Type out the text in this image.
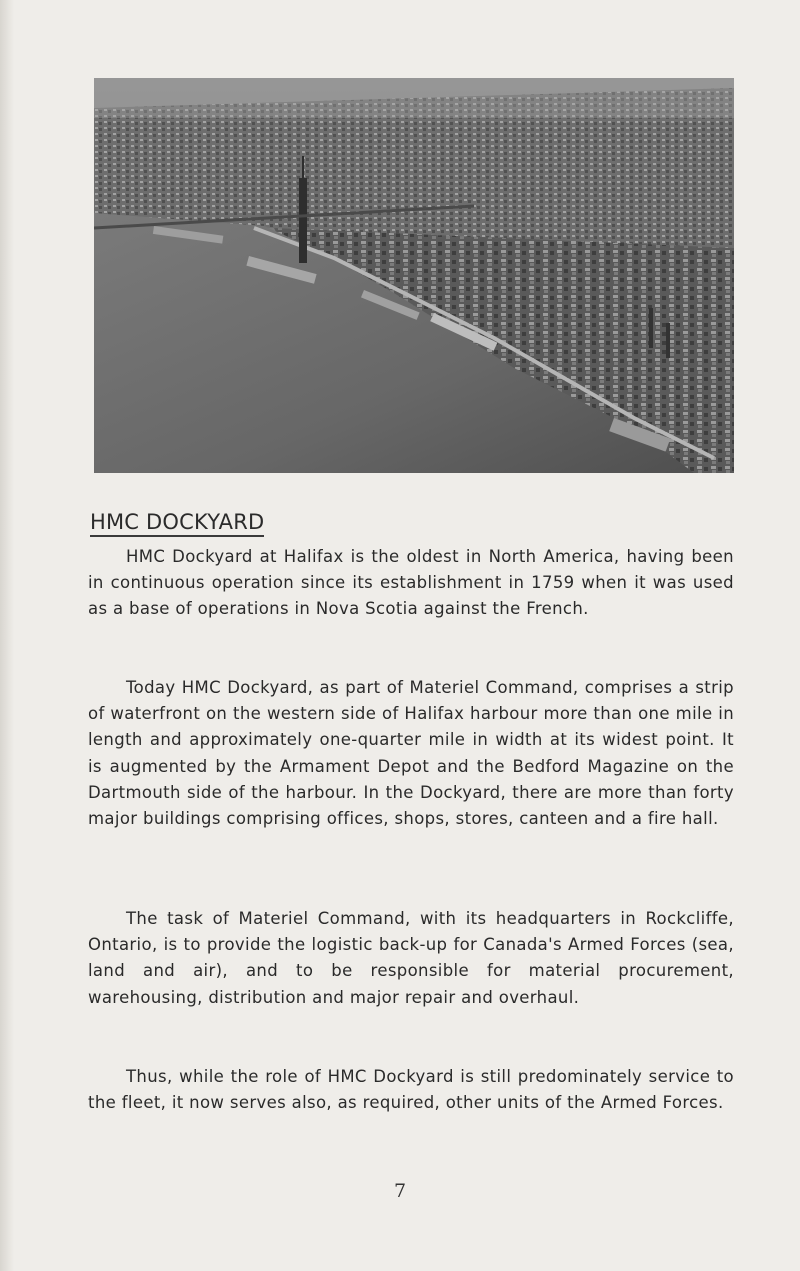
HMC DOCKYARD

HMC Dockyard at Halifax is the oldest in North America, having been in continuous operation since its establishment in 1759 when it was used as a base of operations in Nova Scotia against the French.

Today HMC Dockyard, as part of Materiel Command, comprises a strip of waterfront on the western side of Halifax harbour more than one mile in length and approximately one-quarter mile in width at its widest point. It is augmented by the Armament Depot and the Bedford Magazine on the Dartmouth side of the harbour. In the Dockyard, there are more than forty major buildings comprising offices, shops, stores, canteen and a fire hall.

The task of Materiel Command, with its headquarters in Rockcliffe, Ontario, is to provide the logistic back-up for Canada's Armed Forces (sea, land and air), and to be responsible for material procurement, warehousing, distribution and major repair and overhaul.

Thus, while the role of HMC Dockyard is still predominately service to the fleet, it now serves also, as required, other units of the Armed Forces.

7
